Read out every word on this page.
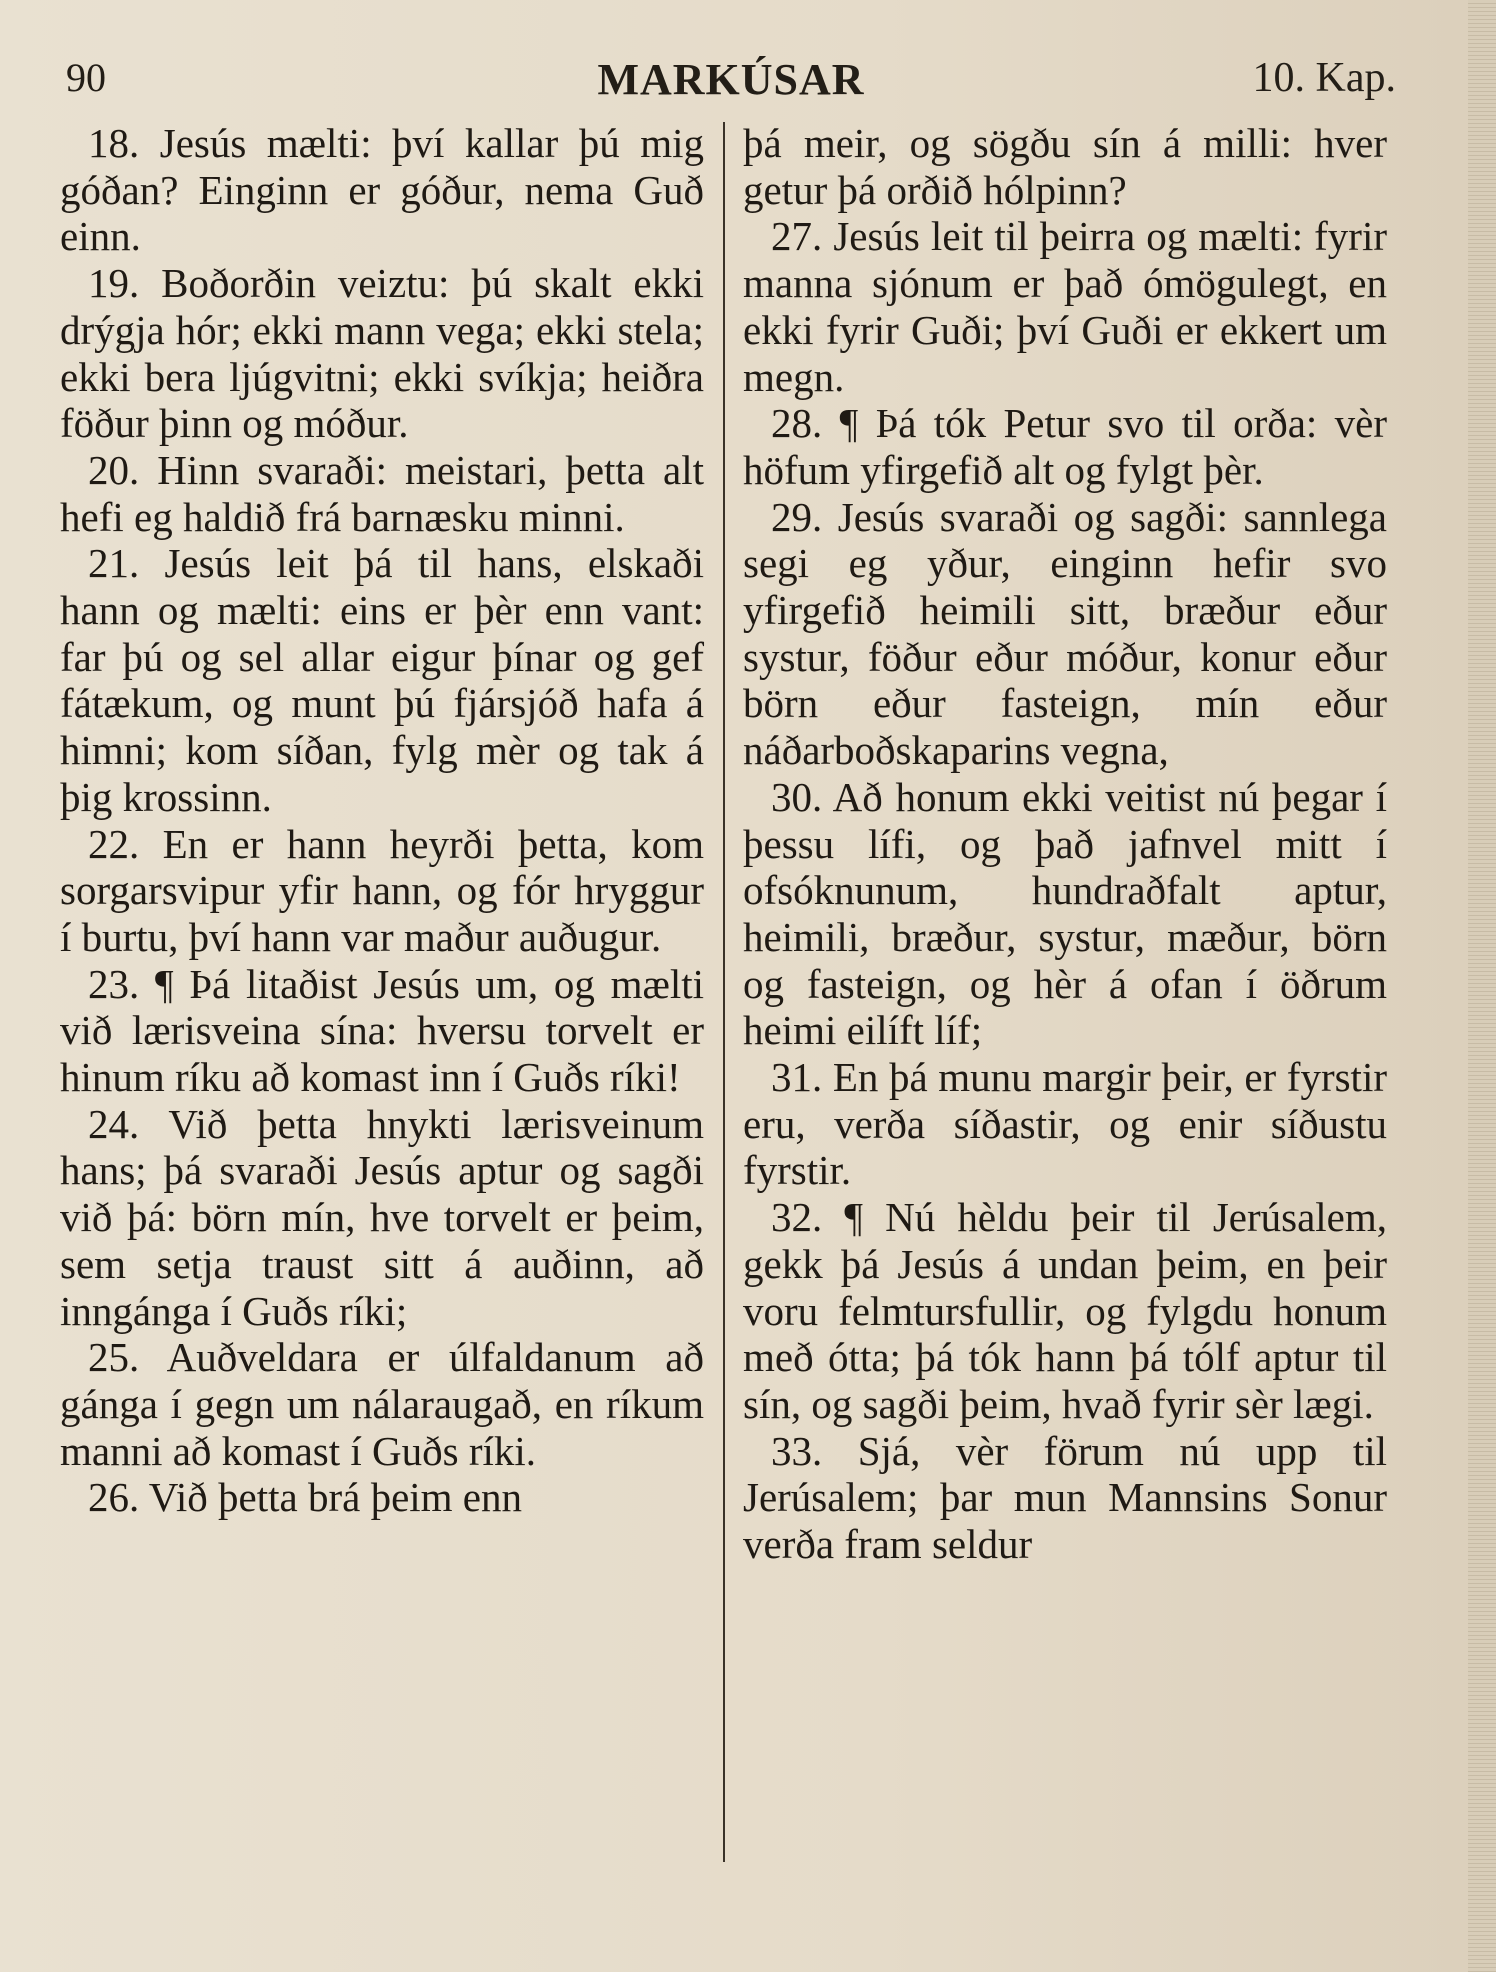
90	MARKÚSAR	10. Kap.

18. Jesús mælti: því kallar þú mig góðan? Einginn er góður, nema Guð einn.

19. Boðorðin veiztu: þú skalt ekki drýgja hór; ekki mann vega; ekki stela; ekki bera ljúgvitni; ekki svíkja; heiðra föður þinn og móður.

20. Hinn svaraði: meistari, þetta alt hefi eg haldið frá barnæsku minni.

21. Jesús leit þá til hans, elskaði hann og mælti: eins er þèr enn vant: far þú og sel allar eigur þínar og gef fátækum, og munt þú fjársjóð hafa á himni; kom síðan, fylg mèr og tak á þig krossinn.

22. En er hann heyrði þetta, kom sorgarsvipur yfir hann, og fór hryggur í burtu, því hann var maður auðugur.

23. ¶ Þá litaðist Jesús um, og mælti við lærisveina sína: hversu torvelt er hinum ríku að komast inn í Guðs ríki!

24. Við þetta hnykti lærisveinum hans; þá svaraði Jesús aptur og sagði við þá: börn mín, hve torvelt er þeim, sem setja traust sitt á auðinn, að inngánga í Guðs ríki;

25. Auðveldara er úlfaldanum að gánga í gegn um nálaraugað, en ríkum manni að komast í Guðs ríki.

26. Við þetta brá þeim enn

þá meir, og sögðu sín á milli: hver getur þá orðið hólpinn?

27. Jesús leit til þeirra og mælti: fyrir manna sjónum er það ómögulegt, en ekki fyrir Guði; því Guði er ekkert um megn.

28. ¶ Þá tók Petur svo til orða: vèr höfum yfirgefið alt og fylgt þèr.

29. Jesús svaraði og sagði: sannlega segi eg yður, einginn hefir svo yfirgefið heimili sitt, bræður eður systur, föður eður móður, konur eður börn eður fasteign, mín eður náðarboðskaparins vegna,

30. Að honum ekki veitist nú þegar í þessu lífi, og það jafnvel mitt í ofsóknunum, hundraðfalt aptur, heimili, bræður, systur, mæður, börn og fasteign, og hèr á ofan í öðrum heimi eilíft líf;

31. En þá munu margir þeir, er fyrstir eru, verða síðastir, og enir síðustu fyrstir.

32. ¶ Nú hèldu þeir til Jerúsalem, gekk þá Jesús á undan þeim, en þeir voru felmtursfullir, og fylgdu honum með ótta; þá tók hann þá tólf aptur til sín, og sagði þeim, hvað fyrir sèr lægi.

33. Sjá, vèr förum nú upp til Jerúsalem; þar mun Mannsins Sonur verða fram seldur
